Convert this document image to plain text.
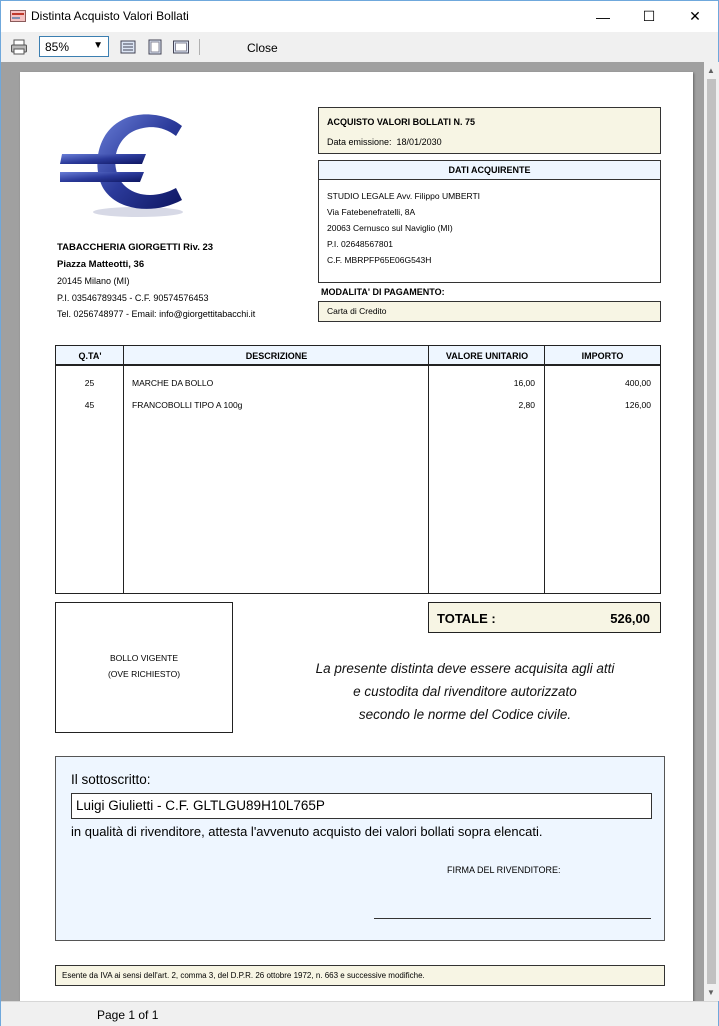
Distinta Acquisto Valori Bollati	—	☐	✕
85% ▼	Close
TABACCHERIA GIORGETTI Riv. 23
Piazza Matteotti, 36
20145 Milano (MI)
P.I. 03546789345 - C.F. 90574576453
Tel. 0256748977 - Email: info@giorgettitabacchi.it
ACQUISTO VALORI BOLLATI N. 75
Data emissione: 18/01/2030
DATI ACQUIRENTE
STUDIO LEGALE Avv. Filippo UMBERTI
Via Fatebenefratelli, 8A
20063 Cernusco sul Naviglio (MI)
P.I. 02648567801
C.F. MBRPFP65E06G543H
MODALITA' DI PAGAMENTO:
Carta di Credito
Q.TA'	DESCRIZIONE	VALORE UNITARIO	IMPORTO
25	MARCHE DA BOLLO	16,00	400,00
45	FRANCOBOLLI TIPO A 100g	2,80	126,00
BOLLO VIGENTE
(OVE RICHIESTO)
TOTALE :	526,00
La presente distinta deve essere acquisita agli atti
e custodita dal rivenditore autorizzato
secondo le norme del Codice civile.
Il sottoscritto:
Luigi Giulietti - C.F. GLTLGU89H10L765P
in qualità di rivenditore, attesta l'avvenuto acquisto dei valori bollati sopra elencati.
FIRMA DEL RIVENDITORE:
Esente da IVA ai sensi dell'art. 2, comma 3, del D.P.R. 26 ottobre 1972, n. 663 e successive modifiche.
▲
▼
Page 1 of 1
